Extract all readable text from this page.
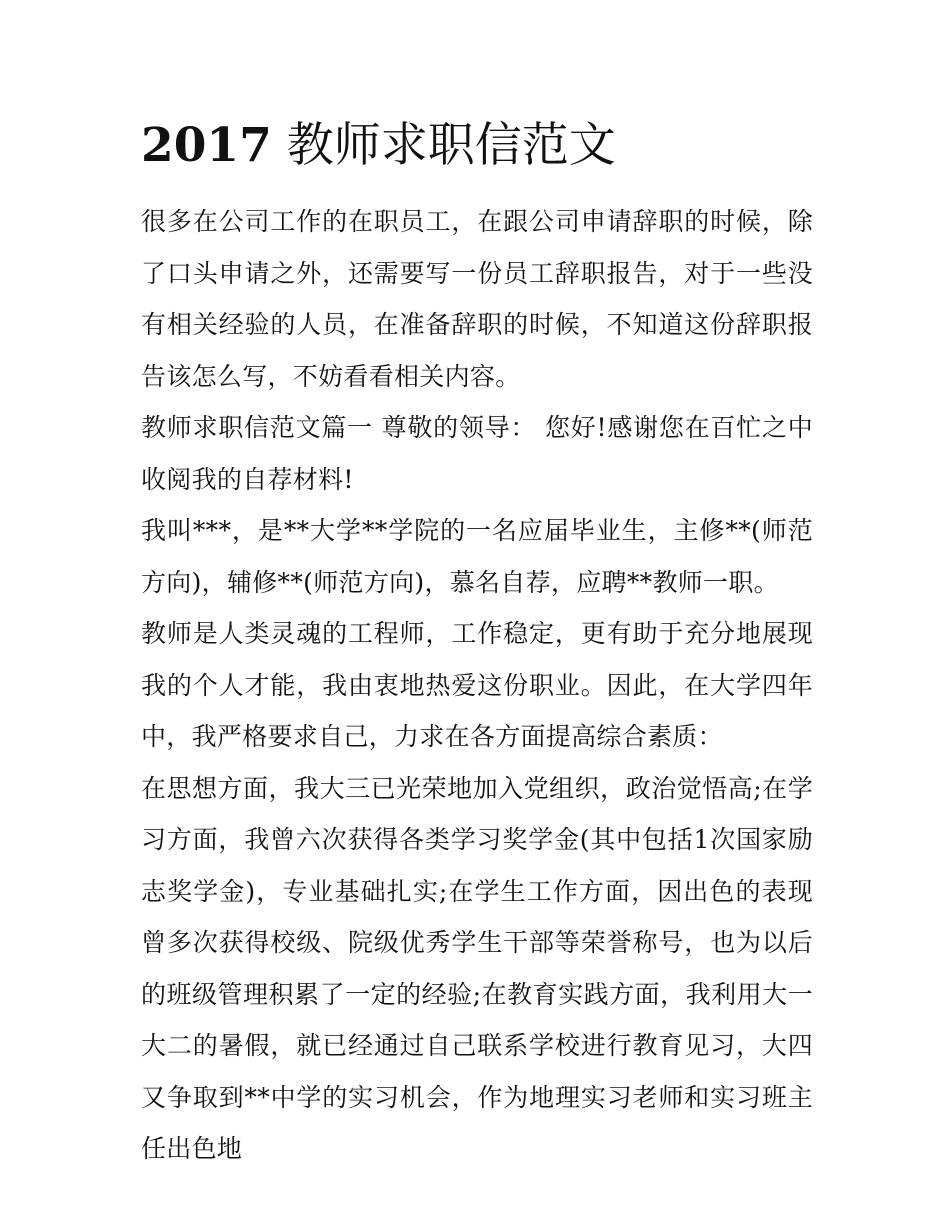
2017 教师求职信范文

很多在公司工作的在职员工，在跟公司申请辞职的时候，除了口头申请之外，还需要写一份员工辞职报告，对于一些没有相关经验的人员，在准备辞职的时候，不知道这份辞职报告该怎么写，不妨看看相关内容。

教师求职信范文篇一 尊敬的领导： 您好!感谢您在百忙之中收阅我的自荐材料!

我叫***，是**大学**学院的一名应届毕业生，主修**(师范方向)，辅修**(师范方向)，慕名自荐，应聘**教师一职。

教师是人类灵魂的工程师，工作稳定，更有助于充分地展现我的个人才能，我由衷地热爱这份职业。因此，在大学四年中，我严格要求自己，力求在各方面提高综合素质：

在思想方面，我大三已光荣地加入党组织，政治觉悟高;在学习方面，我曾六次获得各类学习奖学金(其中包括1次国家励志奖学金)，专业基础扎实;在学生工作方面，因出色的表现曾多次获得校级、院级优秀学生干部等荣誉称号，也为以后的班级管理积累了一定的经验;在教育实践方面，我利用大一大二的暑假，就已经通过自己联系学校进行教育见习，大四又争取到**中学的实习机会，作为地理实习老师和实习班主任出色地
